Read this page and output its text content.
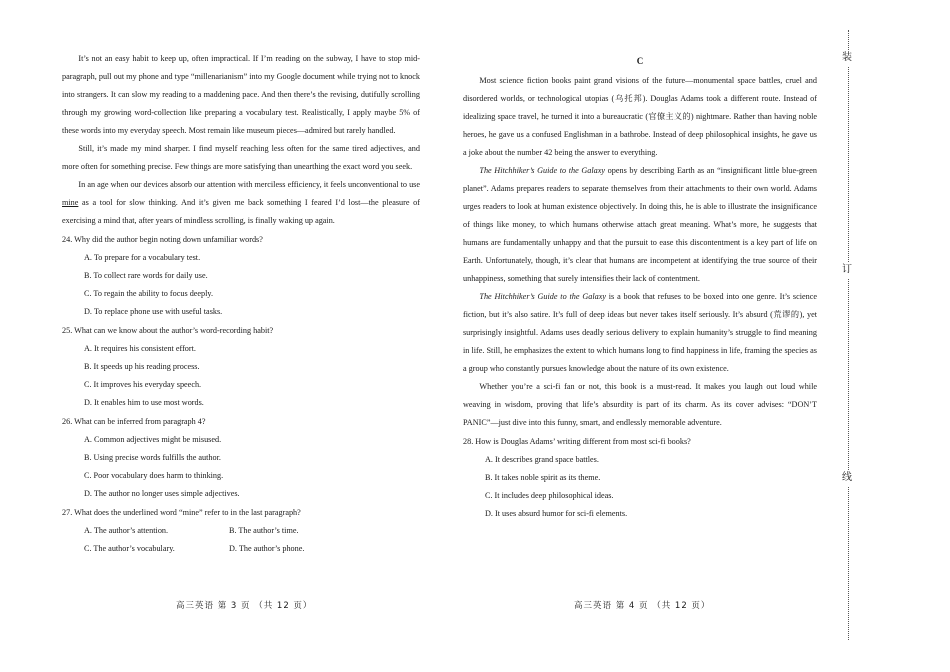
It’s not an easy habit to keep up, often impractical. If I’m reading on the subway, I have to stop mid-paragraph, pull out my phone and type “millenarianism” into my Google document while trying not to knock into strangers. It can slow my reading to a maddening pace. And then there’s the revising, dutifully scrolling through my growing word-collection like preparing a vocabulary test. Realistically, I apply maybe 5% of these words into my everyday speech. Most remain like museum pieces—admired but rarely handled.

Still, it’s made my mind sharper. I find myself reaching less often for the same tired adjectives, and more often for something precise. Few things are more satisfying than unearthing the exact word you seek.

In an age when our devices absorb our attention with merciless efficiency, it feels unconventional to use mine as a tool for slow thinking. And it’s given me back something I feared I’d lost—the pleasure of exercising a mind that, after years of mindless scrolling, is finally waking up again.

24. Why did the author begin noting down unfamiliar words?

A. To prepare for a vocabulary test.

B. To collect rare words for daily use.

C. To regain the ability to focus deeply.

D. To replace phone use with useful tasks.

25. What can we know about the author’s word-recording habit?

A. It requires his consistent effort.

B. It speeds up his reading process.

C. It improves his everyday speech.

D. It enables him to use most words.

26. What can be inferred from paragraph 4?

A. Common adjectives might be misused.

B. Using precise words fulfills the author.

C. Poor vocabulary does harm to thinking.

D. The author no longer uses simple adjectives.

27. What does the underlined word “mine” refer to in the last paragraph?

A. The author’s attention.	B. The author’s time.
C. The author’s vocabulary.	D. The author’s phone.

C

Most science fiction books paint grand visions of the future—monumental space battles, cruel and disordered worlds, or technological utopias (乌托邦). Douglas Adams took a different route. Instead of idealizing space travel, he turned it into a bureaucratic (官僚主义的) nightmare. Rather than having noble heroes, he gave us a confused Englishman in a bathrobe. Instead of deep philosophical insights, he gave us a joke about the number 42 being the answer to everything.

The Hitchhiker’s Guide to the Galaxy opens by describing Earth as an “insignificant little blue-green planet”. Adams prepares readers to separate themselves from their attachments to their own world. Adams urges readers to look at human existence objectively. In doing this, he is able to illustrate the insignificance of things like money, to which humans otherwise attach great meaning. What’s more, he suggests that humans are fundamentally unhappy and that the pursuit to ease this discontentment is a key part of life on Earth. Unfortunately, though, it’s clear that humans are incompetent at identifying the true source of their unhappiness, something that surely intensifies their lack of contentment.

The Hitchhiker’s Guide to the Galaxy is a book that refuses to be boxed into one genre. It’s science fiction, but it’s also satire. It’s full of deep ideas but never takes itself seriously. It’s absurd (荒谬的), yet surprisingly insightful. Adams uses deadly serious delivery to explain humanity’s struggle to find meaning in life. Still, he emphasizes the extent to which humans long to find happiness in life, framing the species as a group who constantly pursues knowledge about the nature of its own existence.

Whether you’re a sci-fi fan or not, this book is a must-read. It makes you laugh out loud while weaving in wisdom, proving that life’s absurdity is part of its charm. As its cover advises: “DON’T PANIC”—just dive into this funny, smart, and endlessly memorable adventure.

28. How is Douglas Adams’ writing different from most sci-fi books?

A. It describes grand space battles.

B. It takes noble spirit as its theme.

C. It includes deep philosophical ideas.

D. It uses absurd humor for sci-fi elements.

高三英语 第 3 页 （共 12 页）	高三英语 第 4 页 （共 12 页）
装
订
线
